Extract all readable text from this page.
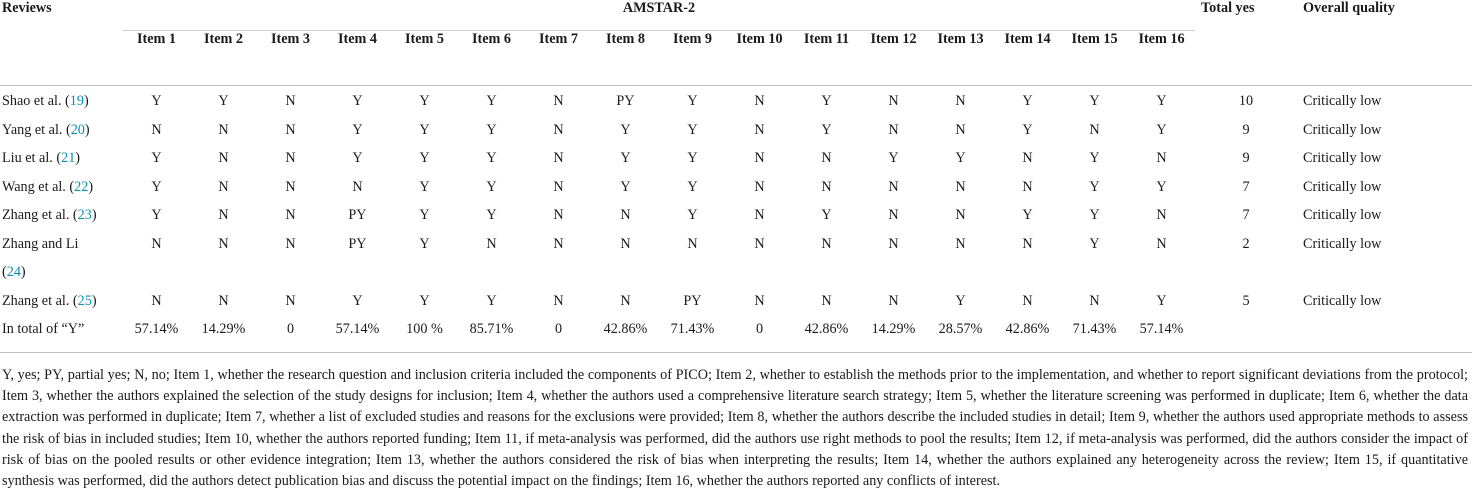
Reviews	AMSTAR-2																Total yes	Overall quality
	Item 1	Item 2	Item 3	Item 4	Item 5	Item 6	Item 7	Item 8	Item 9	Item 10	Item 11	Item 12	Item 13	Item 14	Item 15	Item 16		

Shao et al. (19)	Y	Y	N	Y	Y	Y	N	PY	Y	N	Y	N	N	Y	Y	Y	10	Critically low
Yang et al. (20)	N	N	N	Y	Y	Y	N	Y	Y	N	Y	N	N	Y	N	Y	9	Critically low
Liu et al. (21)	Y	N	N	Y	Y	Y	N	Y	Y	N	N	Y	Y	N	Y	N	9	Critically low
Wang et al. (22)	Y	N	N	N	Y	Y	N	Y	Y	N	N	N	N	N	Y	Y	7	Critically low
Zhang et al. (23)	Y	N	N	PY	Y	Y	N	N	Y	N	Y	N	N	Y	Y	N	7	Critically low
Zhang and Li
(24)	N	N	N	PY	Y	N	N	N	N	N	N	N	N	N	Y	N	2	Critically low
Zhang et al. (25)	N	N	N	Y	Y	Y	N	N	PY	N	N	N	Y	N	N	Y	5	Critically low
In total of “Y”	57.14%	14.29%	0	57.14%	100 %	85.71%	0	42.86%	71.43%	0	42.86%	14.29%	28.57%	42.86%	71.43%	57.14%		

Y, yes; PY, partial yes; N, no; Item 1, whether the research question and inclusion criteria included the components of PICO; Item 2, whether to establish the methods prior to the implementation, and whether to report significant deviations from the protocol; Item 3, whether the authors explained the selection of the study designs for inclusion; Item 4, whether the authors used a comprehensive literature search strategy; Item 5, whether the literature screening was performed in duplicate; Item 6, whether the data extraction was performed in duplicate; Item 7, whether a list of excluded studies and reasons for the exclusions were provided; Item 8, whether the authors describe the included studies in detail; Item 9, whether the authors used appropriate methods to assess the risk of bias in included studies; Item 10, whether the authors reported funding; Item 11, if meta-analysis was performed, did the authors use right methods to pool the results; Item 12, if meta-analysis was performed, did the authors consider the impact of risk of bias on the pooled results or other evidence integration; Item 13, whether the authors considered the risk of bias when interpreting the results; Item 14, whether the authors explained any heterogeneity across the review; Item 15, if quantitative synthesis was performed, did the authors detect publication bias and discuss the potential impact on the findings; Item 16, whether the authors reported any conflicts of interest.
